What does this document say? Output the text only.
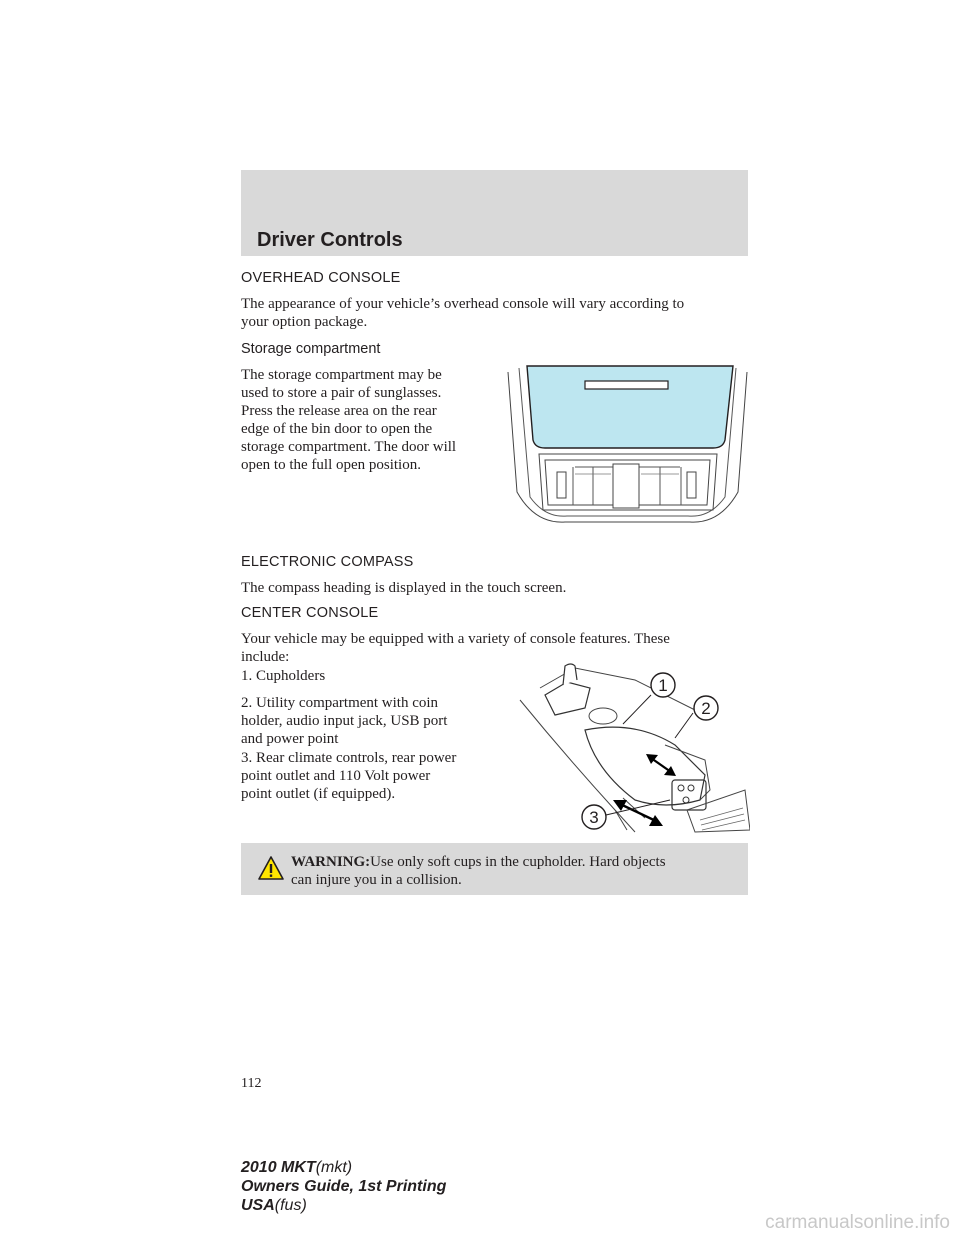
Driver Controls
OVERHEAD CONSOLE

The appearance of your vehicle’s overhead console will vary according to
your option package.

Storage compartment

The storage compartment may be
used to store a pair of sunglasses.
Press the release area on the rear
edge of the bin door to open the
storage compartment. The door will
open to the full open position.

ELECTRONIC COMPASS

The compass heading is displayed in the touch screen.

CENTER CONSOLE

Your vehicle may be equipped with a variety of console features. These
include:

1. Cupholders

2. Utility compartment with coin
holder, audio input jack, USB port
and power point

3. Rear climate controls, rear power
point outlet and 110 Volt power
point outlet (if equipped).

1
2
3

WARNING:Use only soft cups in the cupholder. Hard objects
can injure you in a collision.

112

2010 MKT(mkt)
Owners Guide, 1st Printing
USA(fus)

carmanualsonline.info
